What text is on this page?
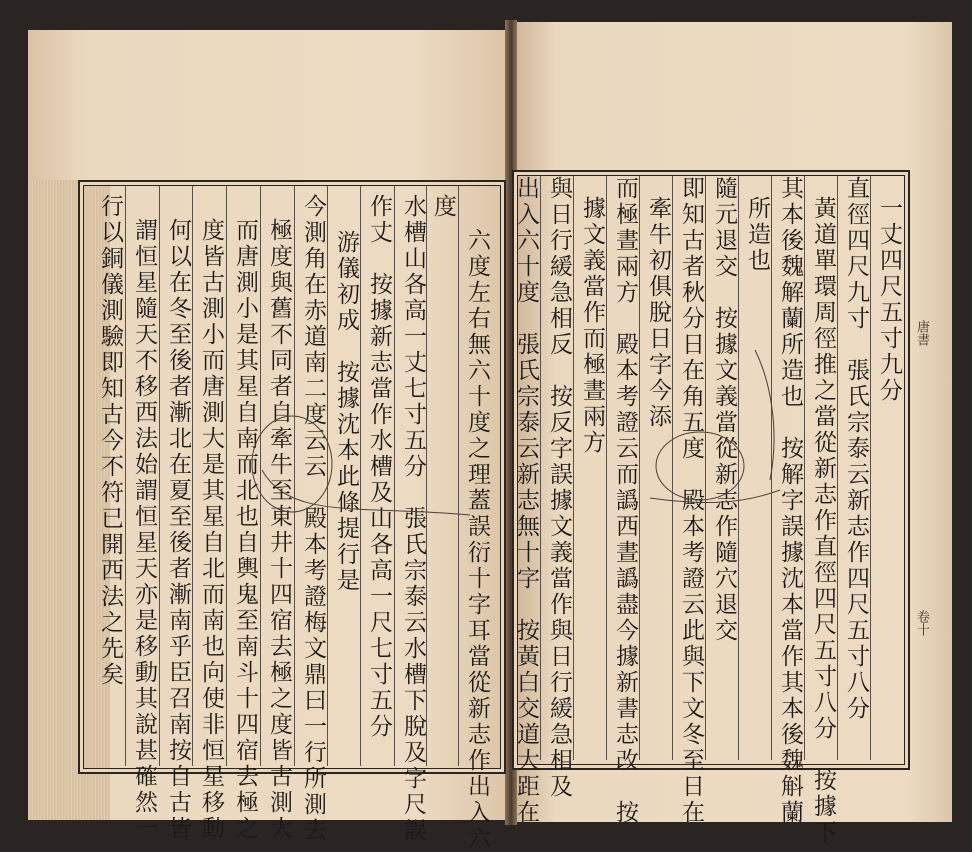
六度左右無六十度之理蓋誤衍十字耳當從新志作出入六
度
水槽山各高一丈七寸五分　張氏宗泰云水槽下脫及字尺誤
作丈　按據新志當作水槽及山各高一尺七寸五分
游儀初成　按據沈本此條提行是
今測角在赤道南二度云云　殿本考證梅文鼎曰一行所測去
極度與舊不同者自牽牛至東井十四宿去極之度皆古測大
而唐測小是其星自南而北也自輿鬼至南斗十四宿去極之
度皆古測小而唐測大是其星自北而南也向使非恒星移動
何以在冬至後者漸北在夏至後者漸南乎臣召南按自古皆
謂恒星隨天不移西法始謂恒星天亦是移動其說甚確然一
行以銅儀測驗即知古今不符已開西法之先矣	一丈四尺五寸九分
直徑四尺九寸　張氏宗泰云新志作四尺五寸八分
黃道單環周徑推之當從新志作直徑四尺五寸八分　按據下
其本後魏解蘭所造也　按解字誤據沈本當作其本後魏斛蘭
所造也
隨元退交　按據文義當從新志作隨穴退交
即知古者秋分日在角五度　殿本考證云此與下文冬至日在
牽牛初俱脫日字今添
而極晝兩方　殿本考證云而譌西晝譌盡今據新書志改　按
據文義當作而極晝兩方
與日行緩急相反　按反字誤據文義當作與日行緩急相及
出入六十度　張氏宗泰云新志無十字　按黃白交道大距在	唐書
卷十
